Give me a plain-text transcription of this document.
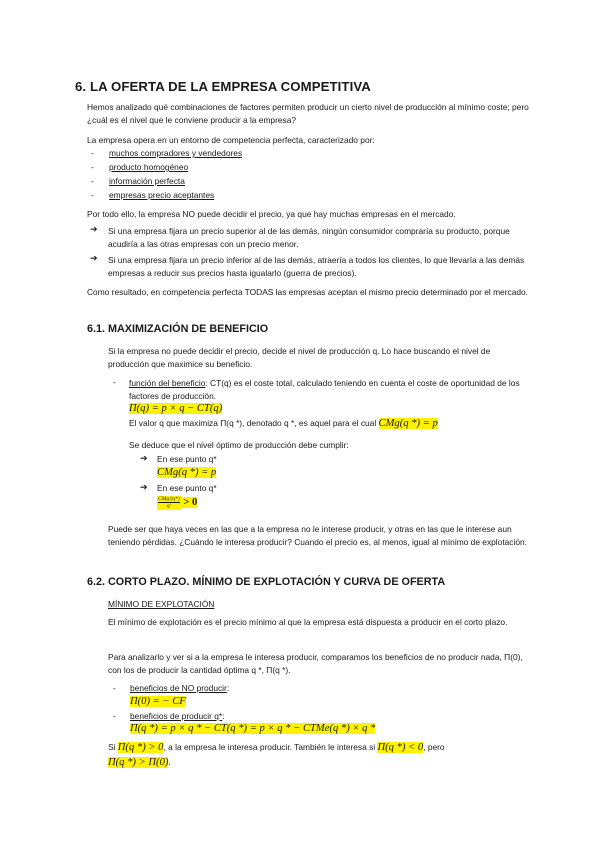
6. LA OFERTA DE LA EMPRESA COMPETITIVA
Hemos analizado qué combinaciones de factores permiten producir un cierto nivel de producción al mínimo coste; pero ¿cuál es el nivel que le conviene producir a la empresa?
La empresa opera en un entorno de competencia perfecta, caracterizado por:
- muchos compradores y vendedores
- producto homogéneo
- información perfecta
- empresas precio aceptantes
Por todo ello, la empresa NO puede decidir el precio, ya que hay muchas empresas en el mercado.
➔ Si una empresa fijara un precio superior al de las demás, ningún consumidor compraría su producto, porque acudiría a las otras empresas con un precio menor.
➔ Si una empresa fijara un precio inferior al de las demás, atraería a todos los clientes, lo que llevaría a las demás empresas a reducir sus precios hasta igualarlo (guerra de precios).
Como resultado, en competencia perfecta TODAS las empresas aceptan el mismo precio determinado por el mercado.
6.1. MAXIMIZACIÓN DE BENEFICIO
Si la empresa no puede decidir el precio, decide el nivel de producción q. Lo hace buscando el nivel de producción que maximice su beneficio.
- función del beneficio: CT(q) es el coste total, calculado teniendo en cuenta el coste de oportunidad de los factores de producción.
Π(q) = p × q − CT(q)
El valor q que maximiza Π(q *), denotado q *, es aquel para el cual CMg(q *) = p
Se deduce que el nivel óptimo de producción debe cumplir:
➔ En ese punto q*
CMg(q *) = p
➔ En ese punto q*
$\frac{\text{CMg'(q*)}}{q'} > 0$
Puede ser que haya veces en las que a la empresa no le interese producir, y otras en las que le interese aun teniendo pérdidas. ¿Cuándo le interesa producir? Cuando el precio es, al menos, igual al mínimo de explotación.
6.2. CORTO PLAZO. MÍNIMO DE EXPLOTACIÓN Y CURVA DE OFERTA
MÍNIMO DE EXPLOTACIÓN
El mínimo de explotación es el precio mínimo al que la empresa está dispuesta a producir en el corto plazo.
Para analizarlo y ver si a la empresa le interesa producir, comparamos los beneficios de no producir nada, Π(0), con los de producir la cantidad óptima q *, Π(q *).
- beneficios de NO producir:
Π(0) = − CF
- beneficios de producir q*:
Π(q *) = p × q * − CT(q *) = p × q * − CTMe(q *) × q *
Si Π(q *) > 0, a la empresa le interesa producir. También le interesa si Π(q *) < 0, pero
Π(q *) > Π(0).
